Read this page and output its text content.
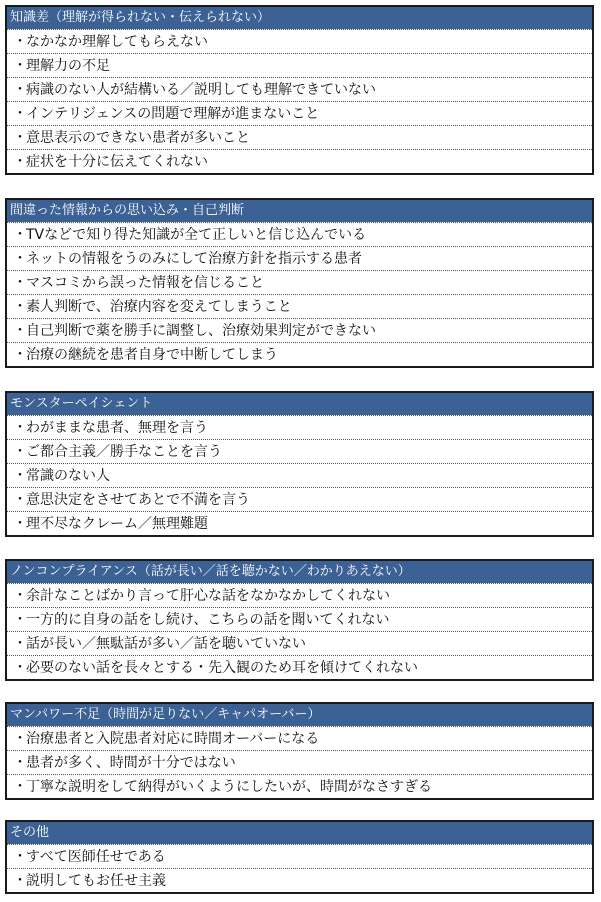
知識差（理解が得られない・伝えられない）
・なかなか理解してもらえない
・理解力の不足
・病識のない人が結構いる／説明しても理解できていない
・インテリジェンスの問題で理解が進まないこと
・意思表示のできない患者が多いこと
・症状を十分に伝えてくれない
間違った情報からの思い込み・自己判断
・TVなどで知り得た知識が全て正しいと信じ込んでいる
・ネットの情報をうのみにして治療方針を指示する患者
・マスコミから誤った情報を信じること
・素人判断で、治療内容を変えてしまうこと
・自己判断で薬を勝手に調整し、治療効果判定ができない
・治療の継続を患者自身で中断してしまう
モンスターペイシェント
・わがままな患者、無理を言う
・ご都合主義／勝手なことを言う
・常識のない人
・意思決定をさせてあとで不満を言う
・理不尽なクレーム／無理難題
ノンコンプライアンス（話が長い／話を聴かない／わかりあえない）
・余計なことばかり言って肝心な話をなかなかしてくれない
・一方的に自身の話をし続け、こちらの話を聞いてくれない
・話が長い／無駄話が多い／話を聴いていない
・必要のない話を長々とする・先入観のため耳を傾けてくれない
マンパワー不足（時間が足りない／キャパオーバー）
・治療患者と入院患者対応に時間オーバーになる
・患者が多く、時間が十分ではない
・丁寧な説明をして納得がいくようにしたいが、時間がなさすぎる
その他
・すべて医師任せである
・説明してもお任せ主義
